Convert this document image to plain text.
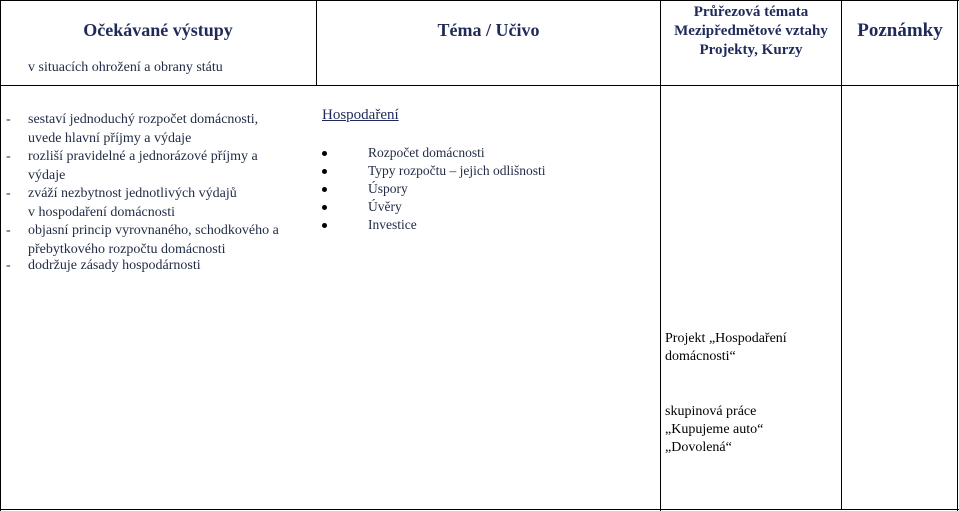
Očekávané výstupy	Téma / Učivo
Průřezová témata
Mezipředmětové vztahy
Projekty, Kurzy
Poznámky
v situacích ohrožení a obrany státu
- sestaví jednoduchý rozpočet domácnosti,
uvede hlavní příjmy a výdaje
- rozliší pravidelné a jednorázové příjmy a
výdaje
- zváží nezbytnost jednotlivých výdajů
v hospodaření domácnosti
- objasní princip vyrovnaného, schodkového a
přebytkového rozpočtu domácnosti
- dodržuje zásady hospodárnosti
Hospodaření
Rozpočet domácnosti
Typy rozpočtu – jejich odlišnosti
Úspory
Úvěry
Investice
Projekt „Hospodaření
domácnosti“
skupinová práce
„Kupujeme auto“
„Dovolená“
